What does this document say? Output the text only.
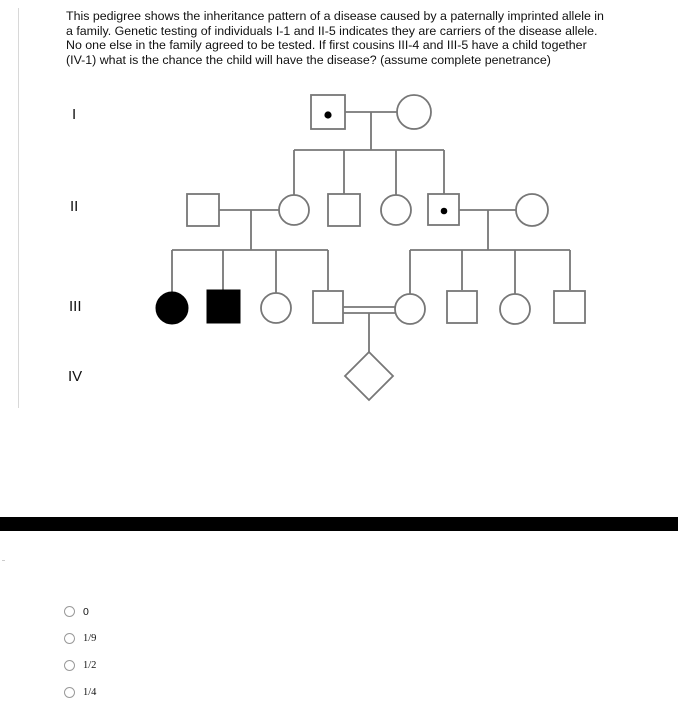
This pedigree shows the inheritance pattern of a disease caused by a paternally imprinted allele in a family. Genetic testing of individuals I-1 and II-5 indicates they are carriers of the disease allele. No one else in the family agreed to be tested. If first cousins III-4 and III-5 have a child together (IV-1) what is the chance the child will have the disease? (assume complete penetrance)
I
II
III
IV
0
1/9
1/2
1/4
